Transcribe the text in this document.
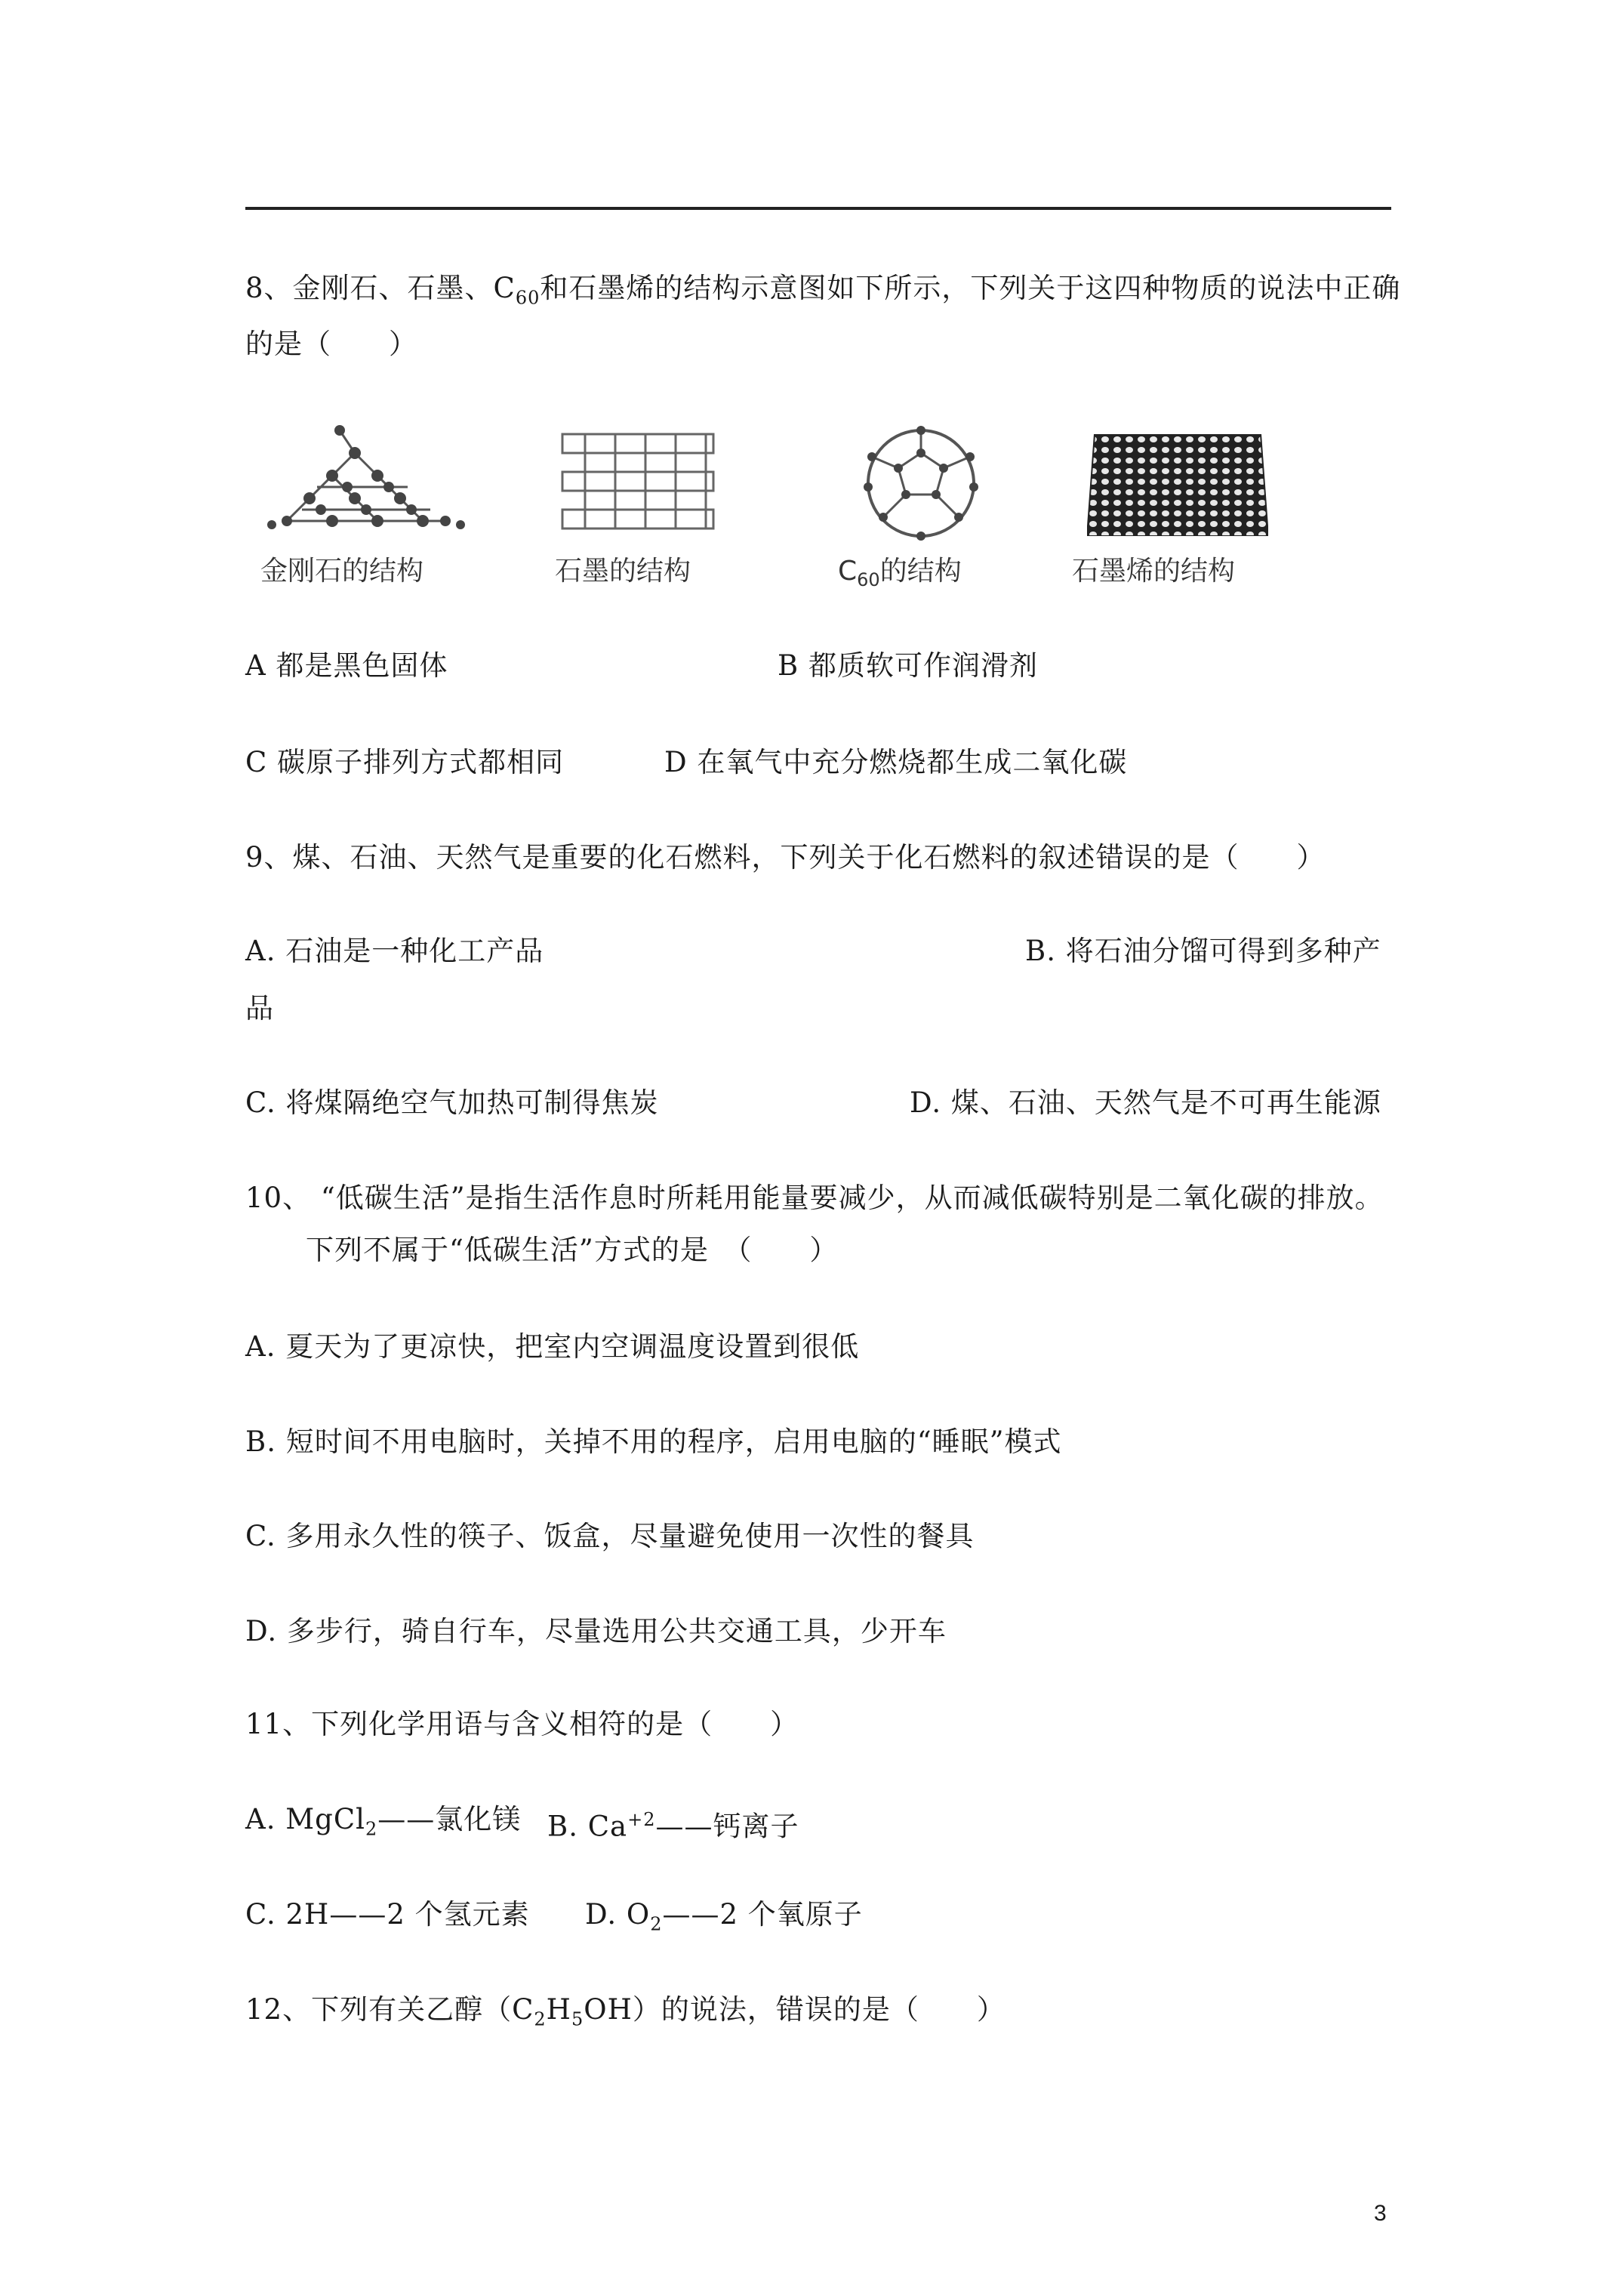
8、金刚石、石墨、$C_{60}$和石墨烯的结构示意图如下所示，下列关于这四种物质的说法中正确
的是（　　）
金刚石的结构	石墨的结构	$C_{60}$的结构	石墨烯的结构
A 都是黑色固体	B 都质软可作润滑剂
C 碳原子排列方式都相同	D 在氧气中充分燃烧都生成二氧化碳
9、煤、石油、天然气是重要的化石燃料，下列关于化石燃料的叙述错误的是（　　）
A. 石油是一种化工产品	B. 将石油分馏可得到多种产
品
C. 将煤隔绝空气加热可制得焦炭	D. 煤、石油、天然气是不可再生能源
10、 “低碳生活”是指生活作息时所耗用能量要减少，从而减低碳特别是二氧化碳的排放。
下列不属于“低碳生活”方式的是　（　　）
A. 夏天为了更凉快，把室内空调温度设置到很低
B. 短时间不用电脑时，关掉不用的程序，启用电脑的“睡眠”模式
C. 多用永久性的筷子、饭盒，尽量避免使用一次性的餐具
D. 多步行，骑自行车，尽量选用公共交通工具，少开车
11、下列化学用语与含义相符的是（　　）
A. MgCl$_2$——氯化镁 B. $Ca^{+2}——$钙离子
C. 2H——2 个氢元素 D. $O_2——2$ 个氧原子
12、下列有关乙醇$(C_2H_5OH)$的说法，错误的是（　　）
3
